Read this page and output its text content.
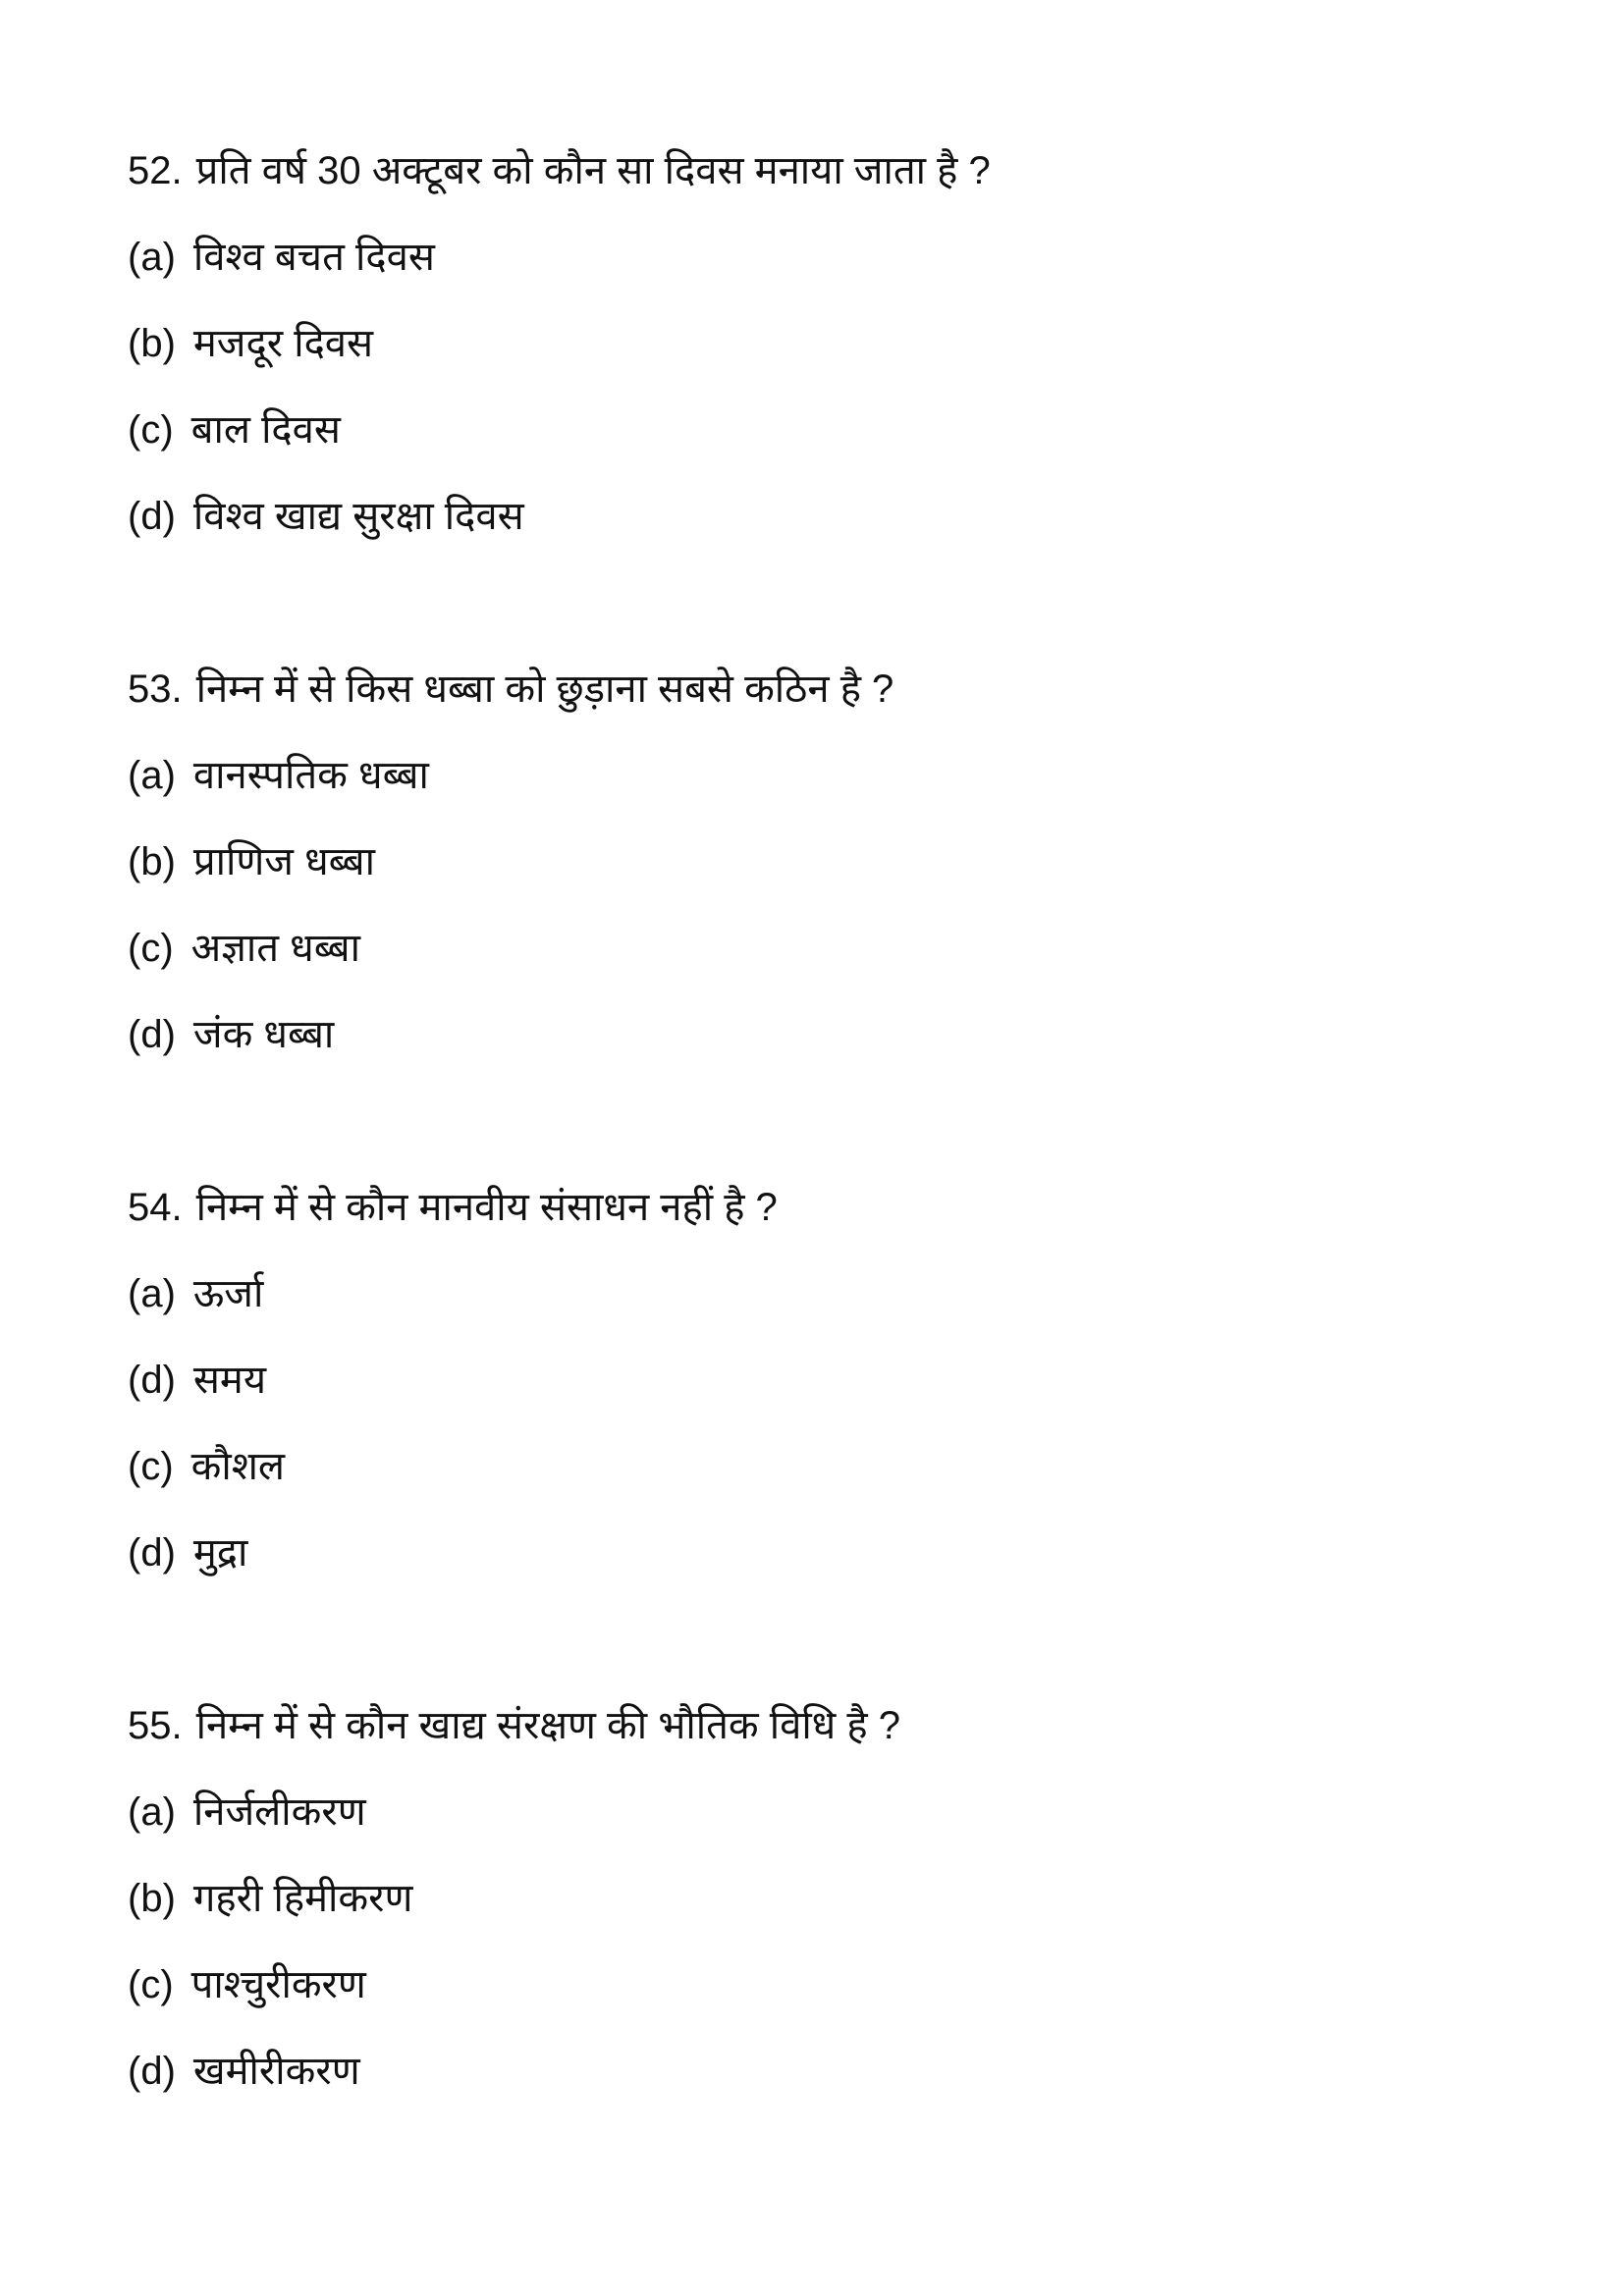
52. प्रति वर्ष 30 अक्टूबर को कौन सा दिवस मनाया जाता है ?
(a) विश्व बचत दिवस
(b) मजदूर दिवस
(c) बाल दिवस
(d) विश्व खाद्य सुरक्षा दिवस
53. निम्न में से किस धब्बा को छुड़ाना सबसे कठिन है ?
(a) वानस्पतिक धब्बा
(b) प्राणिज धब्बा
(c) अज्ञात धब्बा
(d) जंक धब्बा
54. निम्न में से कौन मानवीय संसाधन नहीं है ?
(a) ऊर्जा
(d) समय
(c) कौशल
(d) मुद्रा
55. निम्न में से कौन खाद्य संरक्षण की भौतिक विधि है ?
(a) निर्जलीकरण
(b) गहरी हिमीकरण
(c) पाश्चुरीकरण
(d) खमीरीकरण
